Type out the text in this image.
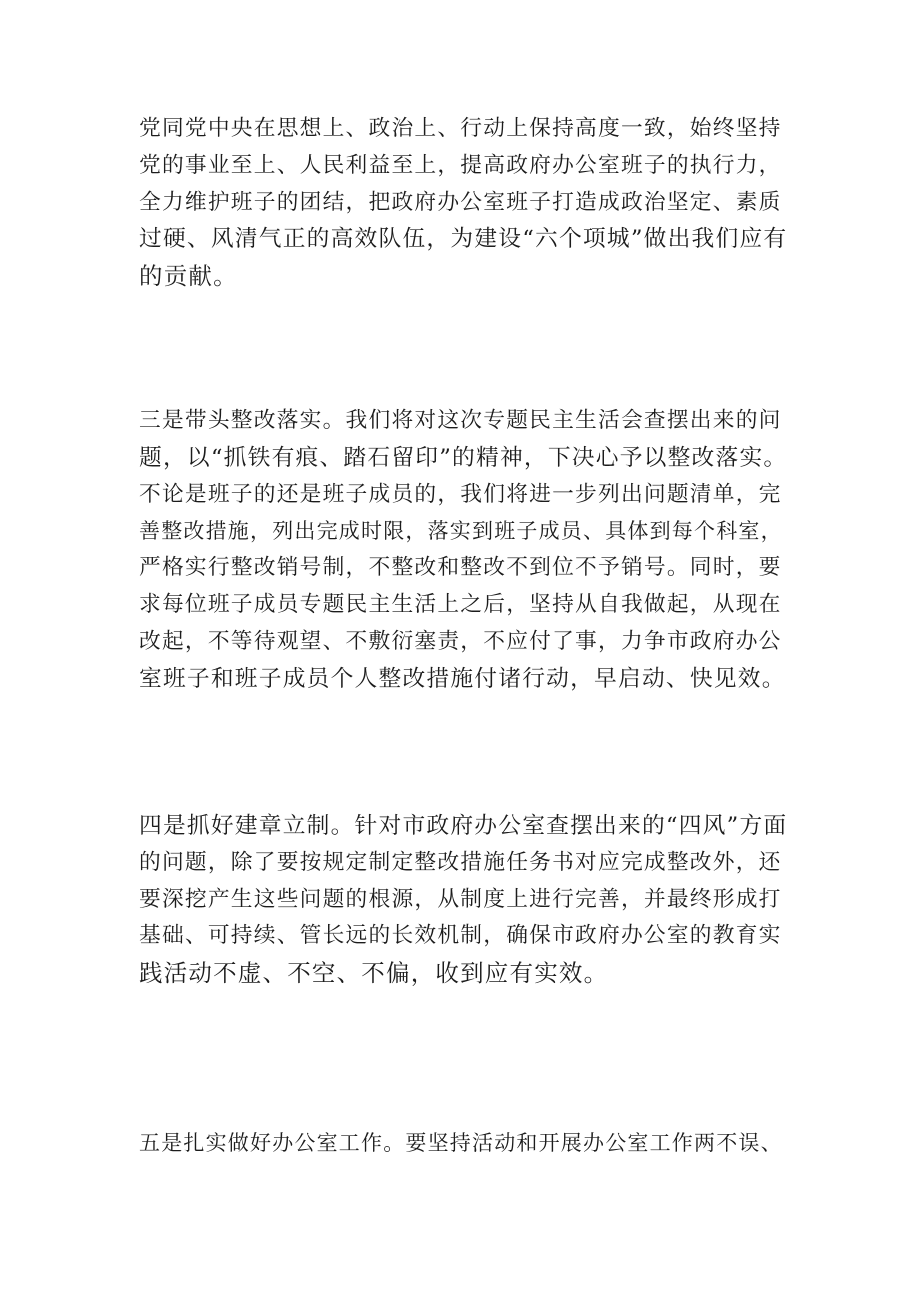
党同党中央在思想上、政治上、行动上保持高度一致，始终坚持
党的事业至上、人民利益至上，提高政府办公室班子的执行力，
全力维护班子的团结，把政府办公室班子打造成政治坚定、素质
过硬、风清气正的高效队伍，为建设“六个项城”做出我们应有
的贡献。
三是带头整改落实。我们将对这次专题民主生活会查摆出来的问
题，以“抓铁有痕、踏石留印”的精神，下决心予以整改落实。
不论是班子的还是班子成员的，我们将进一步列出问题清单，完
善整改措施，列出完成时限，落实到班子成员、具体到每个科室，
严格实行整改销号制，不整改和整改不到位不予销号。同时，要
求每位班子成员专题民主生活上之后，坚持从自我做起，从现在
改起，不等待观望、不敷衍塞责，不应付了事，力争市政府办公
室班子和班子成员个人整改措施付诸行动，早启动、快见效。
四是抓好建章立制。针对市政府办公室查摆出来的“四风”方面
的问题，除了要按规定制定整改措施任务书对应完成整改外，还
要深挖产生这些问题的根源，从制度上进行完善，并最终形成打
基础、可持续、管长远的长效机制，确保市政府办公室的教育实
践活动不虚、不空、不偏，收到应有实效。
五是扎实做好办公室工作。要坚持活动和开展办公室工作两不误、
